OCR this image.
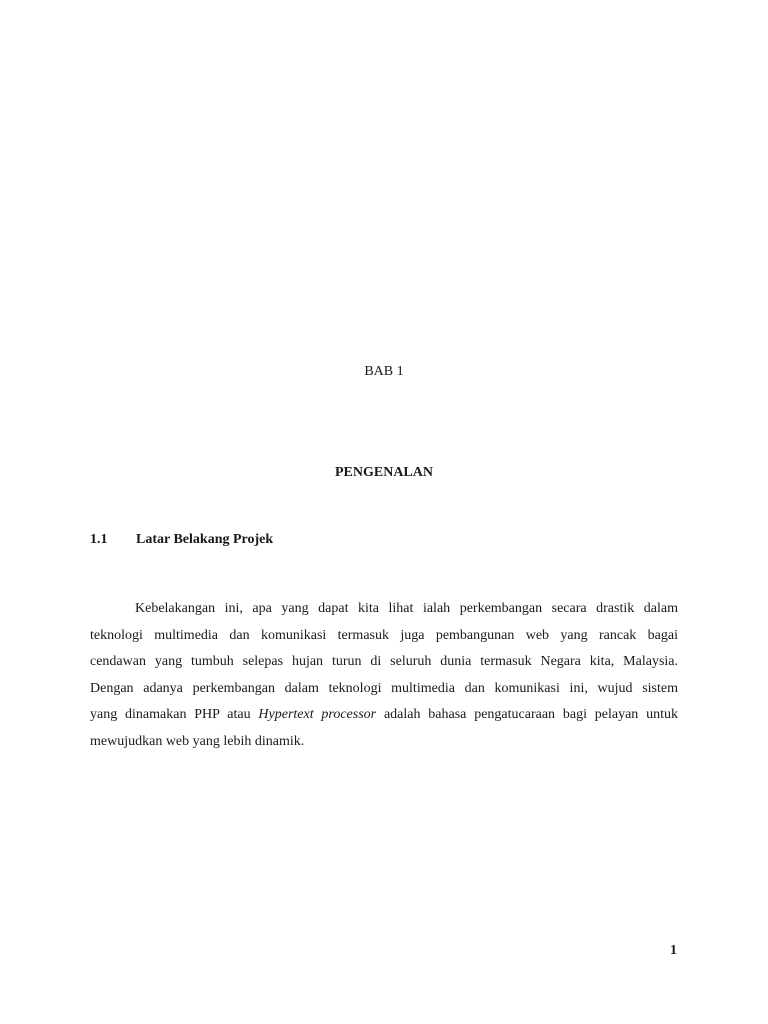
BAB 1
PENGENALAN
1.1 Latar Belakang Projek
Kebelakangan ini, apa yang dapat kita lihat ialah perkembangan secara drastik dalam
teknologi multimedia dan komunikasi termasuk juga pembangunan web yang rancak bagai
cendawan yang tumbuh selepas hujan turun di seluruh dunia termasuk Negara kita, Malaysia.
Dengan adanya perkembangan dalam teknologi multimedia dan komunikasi ini, wujud sistem
yang dinamakan PHP atau Hypertext processor adalah bahasa pengatucaraan bagi pelayan untuk
mewujudkan web yang lebih dinamik.
1
